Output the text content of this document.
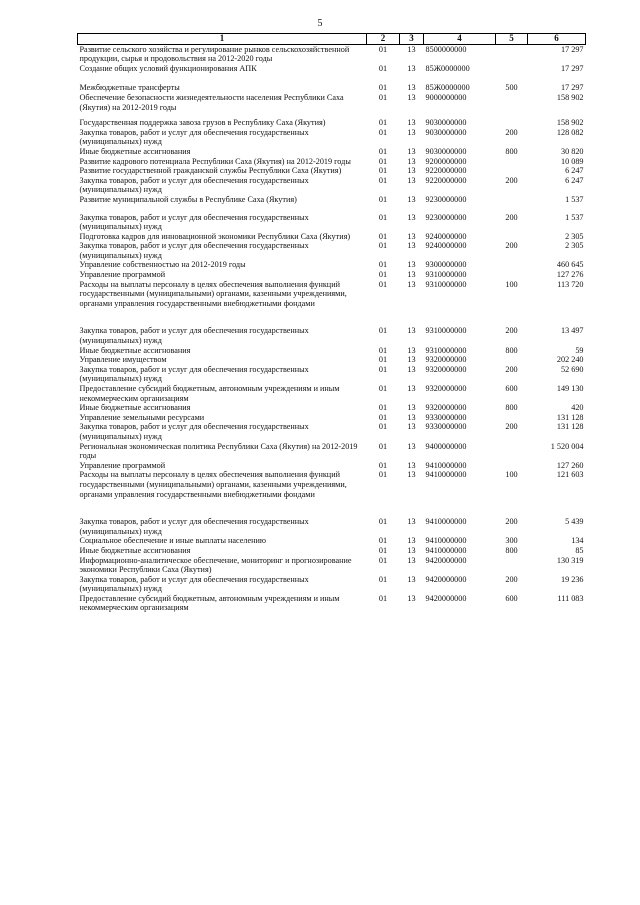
5
1	2	3	4	5	6
Развитие сельского хозяйства и регулирование рынков сельскохозяйственной продукции, сырья и продовольствия на 2012-2020 годы	01	13	8500000000		17 297
Создание общих условий функционирования АПК	01	13	85Ж0000000		17 297
Межбюджетные трансферты	01	13	85Ж0000000	500	17 297
Обеспечение безопасности жизнедеятельности населения Республики Саха (Якутия) на 2012-2019 годы	01	13	9000000000		158 902
Государственная поддержка завоза грузов в Республику Саха (Якутия)	01	13	9030000000		158 902
Закупка товаров, работ и услуг для обеспечения государственных (муниципальных) нужд	01	13	9030000000	200	128 082
Иные бюджетные ассигнования	01	13	9030000000	800	30 820
Развитие кадрового потенциала Республики Саха (Якутия) на 2012-2019 годы	01	13	9200000000		10 089
Развитие государственной гражданской службы Республики Саха (Якутия)	01	13	9220000000		6 247
Закупка товаров, работ и услуг для обеспечения государственных (муниципальных) нужд	01	13	9220000000	200	6 247
Развитие муниципальной службы в Республике Саха (Якутия)	01	13	9230000000		1 537
Закупка товаров, работ и услуг для обеспечения государственных (муниципальных) нужд	01	13	9230000000	200	1 537
Подготовка кадров для инновационной экономики Республики Саха (Якутия)	01	13	9240000000		2 305
Закупка товаров, работ и услуг для обеспечения государственных (муниципальных) нужд	01	13	9240000000	200	2 305
Управление собственностью на 2012-2019 годы	01	13	9300000000		460 645
Управление программой	01	13	9310000000		127 276
Расходы на выплаты персоналу в целях обеспечения выполнения функций государственными (муниципальными) органами, казенными учреждениями, органами управления государственными внебюджетными фондами	01	13	9310000000	100	113 720
Закупка товаров, работ и услуг для обеспечения государственных (муниципальных) нужд	01	13	9310000000	200	13 497
Иные бюджетные ассигнования	01	13	9310000000	800	59
Управление имуществом	01	13	9320000000		202 240
Закупка товаров, работ и услуг для обеспечения государственных (муниципальных) нужд	01	13	9320000000	200	52 690
Предоставление субсидий бюджетным, автономным учреждениям и иным некоммерческим организациям	01	13	9320000000	600	149 130
Иные бюджетные ассигнования	01	13	9320000000	800	420
Управление земельными ресурсами	01	13	9330000000		131 128
Закупка товаров, работ и услуг для обеспечения государственных (муниципальных) нужд	01	13	9330000000	200	131 128
Региональная экономическая политика Республики Саха (Якутия) на 2012-2019 годы	01	13	9400000000		1 520 004
Управление программой	01	13	9410000000		127 260
Расходы на выплаты персоналу в целях обеспечения выполнения функций государственными (муниципальными) органами, казенными учреждениями, органами управления государственными внебюджетными фондами	01	13	9410000000	100	121 603
Закупка товаров, работ и услуг для обеспечения государственных (муниципальных) нужд	01	13	9410000000	200	5 439
Социальное обеспечение и иные выплаты населению	01	13	9410000000	300	134
Иные бюджетные ассигнования	01	13	9410000000	800	85
Информационно-аналитическое обеспечение, мониторинг и прогнозирование экономики Республики Саха (Якутия)	01	13	9420000000		130 319
Закупка товаров, работ и услуг для обеспечения государственных (муниципальных) нужд	01	13	9420000000	200	19 236
Предоставление субсидий бюджетным, автономным учреждениям и иным некоммерческим организациям	01	13	9420000000	600	111 083
